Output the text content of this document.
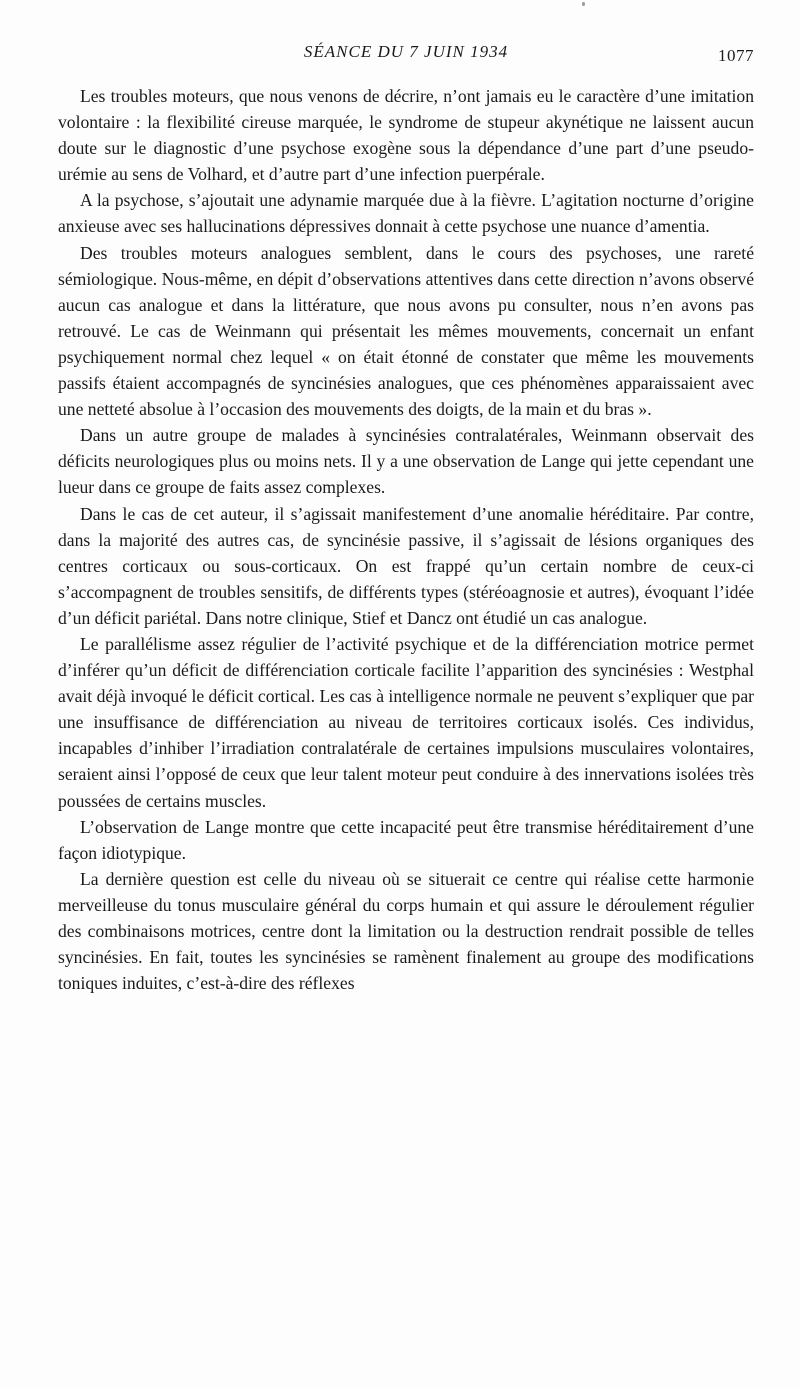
SÉANCE DU 7 JUIN 1934	1077

Les troubles moteurs, que nous venons de décrire, n’ont jamais eu le caractère d’une imitation volontaire : la flexibilité cireuse marquée, le syndrome de stupeur akynétique ne laissent aucun doute sur le diagnostic d’une psychose exogène sous la dépendance d’une part d’une pseudo-urémie au sens de Volhard, et d’autre part d’une infection puerpérale.

A la psychose, s’ajoutait une adynamie marquée due à la fièvre. L’agitation nocturne d’origine anxieuse avec ses hallucinations dépressives donnait à cette psychose une nuance d’amentia.

Des troubles moteurs analogues semblent, dans le cours des psychoses, une rareté sémiologique. Nous-même, en dépit d’observations attentives dans cette direction n’avons observé aucun cas analogue et dans la littérature, que nous avons pu consulter, nous n’en avons pas retrouvé. Le cas de Weinmann qui présentait les mêmes mouvements, concernait un enfant psychiquement normal chez lequel « on était étonné de constater que même les mouvements passifs étaient accompagnés de syncinésies analogues, que ces phénomènes apparaissaient avec une netteté absolue à l’occasion des mouvements des doigts, de la main et du bras ».

Dans un autre groupe de malades à syncinésies contralatérales, Weinmann observait des déficits neurologiques plus ou moins nets. Il y a une observation de Lange qui jette cependant une lueur dans ce groupe de faits assez complexes.

Dans le cas de cet auteur, il s’agissait manifestement d’une anomalie héréditaire. Par contre, dans la majorité des autres cas, de syncinésie passive, il s’agissait de lésions organiques des centres corticaux ou sous-corticaux. On est frappé qu’un certain nombre de ceux-ci s’accompagnent de troubles sensitifs, de différents types (stéréoagnosie et autres), évoquant l’idée d’un déficit pariétal. Dans notre clinique, Stief et Dancz ont étudié un cas analogue.

Le parallélisme assez régulier de l’activité psychique et de la différenciation motrice permet d’inférer qu’un déficit de différenciation corticale facilite l’apparition des syncinésies : Westphal avait déjà invoqué le déficit cortical. Les cas à intelligence normale ne peuvent s’expliquer que par une insuffisance de différenciation au niveau de territoires corticaux isolés. Ces individus, incapables d’inhiber l’irradiation contralatérale de certaines impulsions musculaires volontaires, seraient ainsi l’opposé de ceux que leur talent moteur peut conduire à des innervations isolées très poussées de certains muscles.

L’observation de Lange montre que cette incapacité peut être transmise héréditairement d’une façon idiotypique.

La dernière question est celle du niveau où se situerait ce centre qui réalise cette harmonie merveilleuse du tonus musculaire général du corps humain et qui assure le déroulement régulier des combinaisons motrices, centre dont la limitation ou la destruction rendrait possible de telles syncinésies. En fait, toutes les syncinésies se ramènent finalement au groupe des modifications toniques induites, c’est-à-dire des réflexes
